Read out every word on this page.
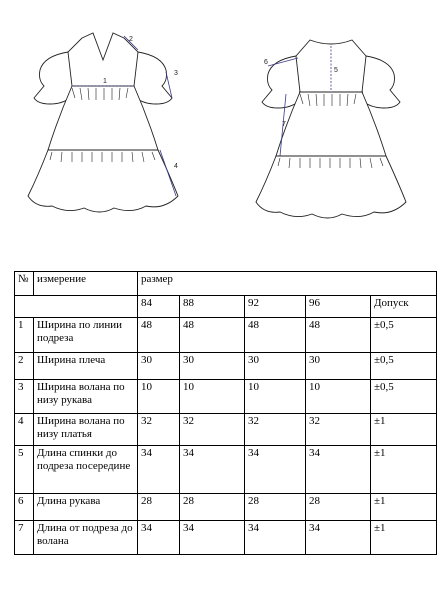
1
2
3
4
5
6
7
№	измерение	размер				
		84	88	92	96	Допуск
1	Ширина по линии подреза	48	48	48	48	±0,5
2	Ширина плеча	30	30	30	30	±0,5
3	Ширина волана по низу рукава	10	10	10	10	±0,5
4	Ширина волана по низу платья	32	32	32	32	±1
5	Длина спинки до подреза посередине	34	34	34	34	±1
6	Длина рукава	28	28	28	28	±1
7	Длина от подреза до волана	34	34	34	34	±1
